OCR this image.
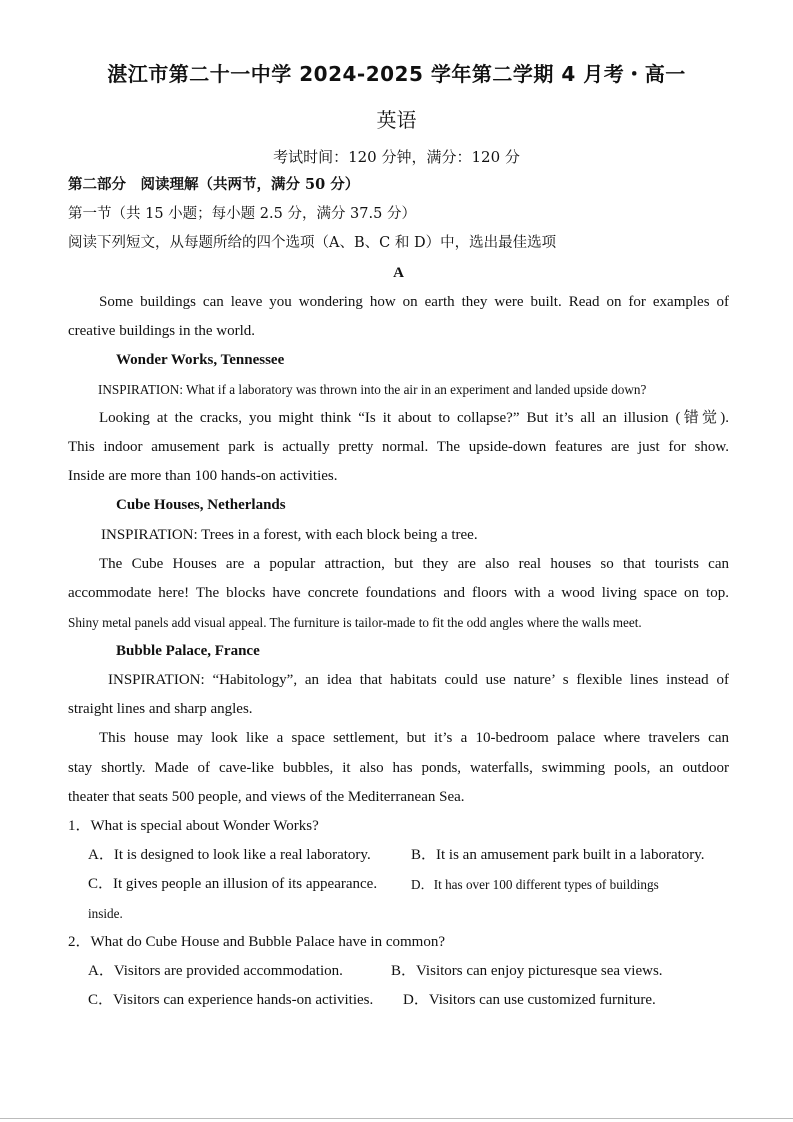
湛江市第二十一中学 2024-2025 学年第二学期 4 月考・高一
英语
考试时间：120 分钟，满分：120 分
第二部分　阅读理解（共两节，满分 50 分）
第一节（共 15 小题；每小题 2.5 分，满分 37.5 分）
阅读下列短文，从每题所给的四个选项（A、B、C 和 D）中，选出最佳选项
A
Some buildings can leave you wondering how on earth they were built. Read on for examples of
creative buildings in the world.
Wonder Works, Tennessee
INSPIRATION: What if a laboratory was thrown into the air in an experiment and landed upside down?
Looking at the cracks, you might think “Is it about to collapse?” But it’s all an illusion (错觉).
This indoor amusement park is actually pretty normal. The upside-down features are just for show.
Inside are more than 100 hands-on activities.
Cube Houses, Netherlands
INSPIRATION: Trees in a forest, with each block being a tree.
The Cube Houses are a popular attraction, but they are also real houses so that tourists can
accommodate here! The blocks have concrete foundations and floors with a wood living space on top.
Shiny metal panels add visual appeal. The furniture is tailor-made to fit the odd angles where the walls meet.
Bubble Palace, France
INSPIRATION: “Habitology”, an idea that habitats could use nature’ s flexible lines instead of
straight lines and sharp angles.
This house may look like a space settlement, but it’s a 10-bedroom palace where travelers can
stay shortly. Made of cave-like bubbles, it also has ponds, waterfalls, swimming pools, an outdoor
theater that seats 500 people, and views of the Mediterranean Sea.
1．What is special about Wonder Works?
A．It is designed to look like a real laboratory.	B．It is an amusement park built in a laboratory.
C．It gives people an illusion of its appearance.	D．It has over 100 different types of buildings
inside.
2．What do Cube House and Bubble Palace have in common?
A．Visitors are provided accommodation.	B．Visitors can enjoy picturesque sea views.
C．Visitors can experience hands-on activities.	D．Visitors can use customized furniture.
